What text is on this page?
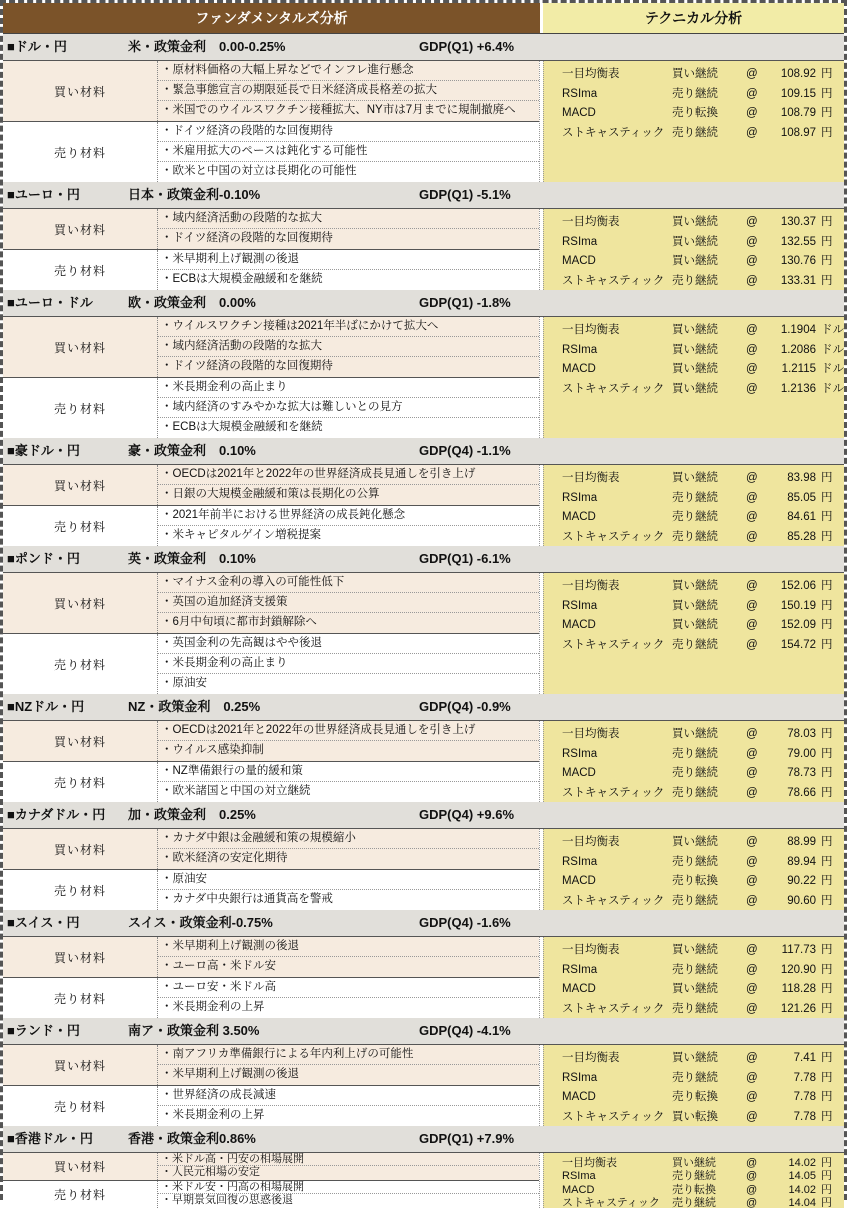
ファンダメンタルズ分析	テクニカル分析
■ドル・円	米・政策金利　0.00-0.25%	GDP(Q1) +6.4%
買い材料
・原材料価格の大幅上昇などでインフレ進行懸念
・緊急事態宣言の期限延長で日米経済成長格差の拡大
・米国でのウイルスワクチン接種拡大、NY市は7月までに規制撤廃へ
売り材料
・ドイツ経済の段階的な回復期待
・米雇用拡大のペースは鈍化する可能性
・欧米と中国の対立は長期化の可能性
一目均衡表	買い継続 @	108.92 円
RSIma	売り継続 @	109.15 円
MACD	売り転換 @	108.79 円
ストキャスティック 売り継続 @	108.97 円
■ユーロ・円	日本・政策金利-0.10%	GDP(Q1) -5.1%
買い材料
・域内経済活動の段階的な拡大
・ドイツ経済の段階的な回復期待
売り材料
・米早期利上げ観測の後退
・ECBは大規模金融緩和を継続
一目均衡表	買い継続 @	130.37 円
RSIma	買い継続 @	132.55 円
MACD	買い継続 @	130.76 円
ストキャスティック 売り継続 @	133.31 円
■ユーロ・ドル	欧・政策金利　0.00%	GDP(Q1) -1.8%
買い材料
・ウイルスワクチン接種は2021年半ばにかけて拡大へ
・域内経済活動の段階的な拡大
・ドイツ経済の段階的な回復期待
売り材料
・米長期金利の高止まり
・域内経済のすみやかな拡大は難しいとの見方
・ECBは大規模金融緩和を継続
一目均衡表	買い継続 @	1.1904 ドル
RSIma	買い継続 @	1.2086 ドル
MACD	買い継続 @	1.2115 ドル
ストキャスティック 買い継続 @	1.2136 ドル
■豪ドル・円	豪・政策金利　0.10%	GDP(Q4) -1.1%
買い材料
・OECDは2021年と2022年の世界経済成長見通しを引き上げ
・日銀の大規模金融緩和策は長期化の公算
売り材料
・2021年前半における世界経済の成長鈍化懸念
・米キャピタルゲイン増税提案
一目均衡表	買い継続 @	83.98 円
RSIma	売り継続 @	85.05 円
MACD	売り継続 @	84.61 円
ストキャスティック 売り継続 @	85.28 円
■ポンド・円	英・政策金利　0.10%	GDP(Q1) -6.1%
買い材料
・マイナス金利の導入の可能性低下
・英国の追加経済支援策
・6月中旬頃に都市封鎖解除へ
売り材料
・英国金利の先高観はやや後退
・米長期金利の高止まり
・原油安
一目均衡表	買い継続 @	152.06 円
RSIma	買い継続 @	150.19 円
MACD	買い継続 @	152.09 円
ストキャスティック 売り継続 @	154.72 円
■NZドル・円	NZ・政策金利　0.25%	GDP(Q4) -0.9%
買い材料
・OECDは2021年と2022年の世界経済成長見通しを引き上げ
・ウイルス感染抑制
売り材料
・NZ準備銀行の量的緩和策
・欧米諸国と中国の対立継続
一目均衡表	買い継続 @	78.03 円
RSIma	売り継続 @	79.00 円
MACD	売り継続 @	78.73 円
ストキャスティック 売り継続 @	78.66 円
■カナダドル・円 加・政策金利　0.25%	GDP(Q4) +9.6%
買い材料
・カナダ中銀は金融緩和策の規模縮小
・欧米経済の安定化期待
売り材料
・原油安
・カナダ中央銀行は通貨高を警戒
一目均衡表	買い継続 @	88.99 円
RSIma	売り継続 @	89.94 円
MACD	売り転換 @	90.22 円
ストキャスティック 売り継続 @	90.60 円
■スイス・円	スイス・政策金利-0.75%	GDP(Q4) -1.6%
買い材料
・米早期利上げ観測の後退
・ユーロ高・米ドル安
売り材料
・ユーロ安・米ドル高
・米長期金利の上昇
一目均衡表	買い継続 @	117.73 円
RSIma	売り継続 @	120.90 円
MACD	買い継続 @	118.28 円
ストキャスティック 売り継続 @	121.26 円
■ランド・円	南ア・政策金利 3.50%	GDP(Q4) -4.1%
買い材料
・南アフリカ準備銀行による年内利上げの可能性
・米早期利上げ観測の後退
売り材料
・世界経済の成長減速
・米長期金利の上昇
一目均衡表	買い継続 @	7.41 円
RSIma	売り継続 @	7.78 円
MACD	売り転換 @	7.78 円
ストキャスティック 買い転換 @	7.78 円
■香港ドル・円	香港・政策金利0.86%	GDP(Q1) +7.9%
買い材料
・米ドル高・円安の相場展開
・人民元相場の安定
売り材料
・米ドル安・円高の相場展開
・早期景気回復の思惑後退
一目均衡表	買い継続	@	14.02 円
RSIma	売り継続	@	14.05 円
MACD	売り転換	@	14.02 円
ストキャスティック 売り継続	@	14.04 円
